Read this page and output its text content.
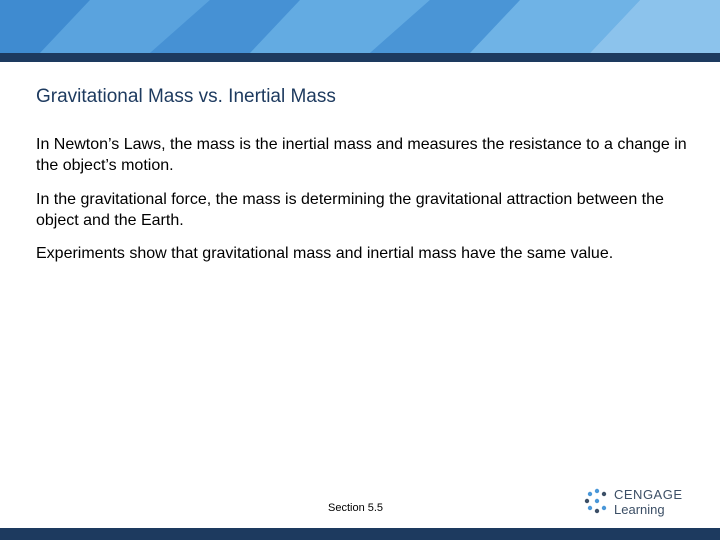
Gravitational Mass vs. Inertial Mass
In Newton’s Laws, the mass is the inertial mass and measures the resistance to a change in the object’s motion.
In the gravitational force, the mass is determining the gravitational attraction between the object and the Earth.
Experiments show that gravitational mass and inertial mass have the same value.
Section 5.5
CENGAGE
Learning
